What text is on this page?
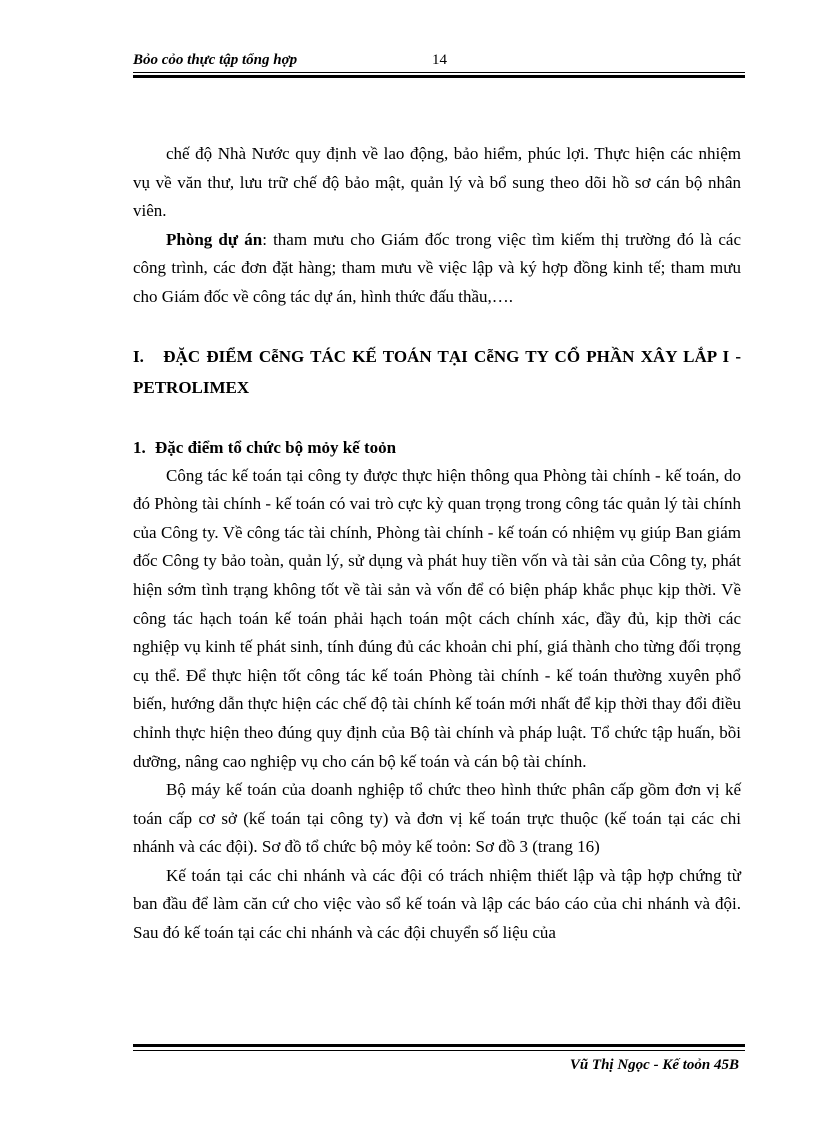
Bỏo cỏo thực tập tổng hợp	14

chế độ Nhà Nước quy định về lao động, bảo hiểm, phúc lợi. Thực hiện các nhiệm vụ về văn thư, lưu trữ chế độ bảo mật, quản lý và bổ sung theo dõi hồ sơ cán bộ nhân viên.

Phòng dự án: tham mưu cho Giám đốc trong việc tìm kiếm thị trường đó là các công trình, các đơn đặt hàng; tham mưu về việc lập và ký hợp đồng kinh tế; tham mưu cho Giám đốc về công tác dự án, hình thức đấu thầu,….

I. ĐẶC ĐIỂM CễNG TÁC KẾ TOÁN TẠI CễNG TY CỔ PHẦN XÂY LẮP I - PETROLIMEX
1. Đặc điểm tổ chức bộ mỏy kế toỏn

Công tác kế toán tại công ty được thực hiện thông qua Phòng tài chính - kế toán, do đó Phòng tài chính - kế toán có vai trò cực kỳ quan trọng trong công tác quản lý tài chính của Công ty. Về công tác tài chính, Phòng tài chính - kế toán có nhiệm vụ giúp Ban giám đốc Công ty bảo toàn, quản lý, sử dụng và phát huy tiền vốn và tài sản của Công ty, phát hiện sớm tình trạng không tốt về tài sản và vốn để có biện pháp khắc phục kịp thời. Về công tác hạch toán kế toán phải hạch toán một cách chính xác, đầy đủ, kịp thời các nghiệp vụ kinh tế phát sinh, tính đúng đủ các khoản chi phí, giá thành cho từng đối trọng cụ thể. Để thực hiện tốt công tác kế toán Phòng tài chính - kế toán thường xuyên phổ biến, hướng dẫn thực hiện các chế độ tài chính kế toán mới nhất để kịp thời thay đổi điều chỉnh thực hiện theo đúng quy định của Bộ tài chính và pháp luật. Tổ chức tập huấn, bồi dưỡng, nâng cao nghiệp vụ cho cán bộ kế toán và cán bộ tài chính.

Bộ máy kế toán của doanh nghiệp tổ chức theo hình thức phân cấp gồm đơn vị kế toán cấp cơ sở (kế toán tại công ty) và đơn vị kế toán trực thuộc (kế toán tại các chi nhánh và các đội). Sơ đồ tổ chức bộ mỏy kế toỏn: Sơ đồ 3 (trang 16)

Kế toán tại các chi nhánh và các đội có trách nhiệm thiết lập và tập hợp chứng từ ban đầu để làm căn cứ cho việc vào sổ kế toán và lập các báo cáo của chi nhánh và đội. Sau đó kế toán tại các chi nhánh và các đội chuyển số liệu của

Vũ Thị Ngọc - Kế toỏn 45B
